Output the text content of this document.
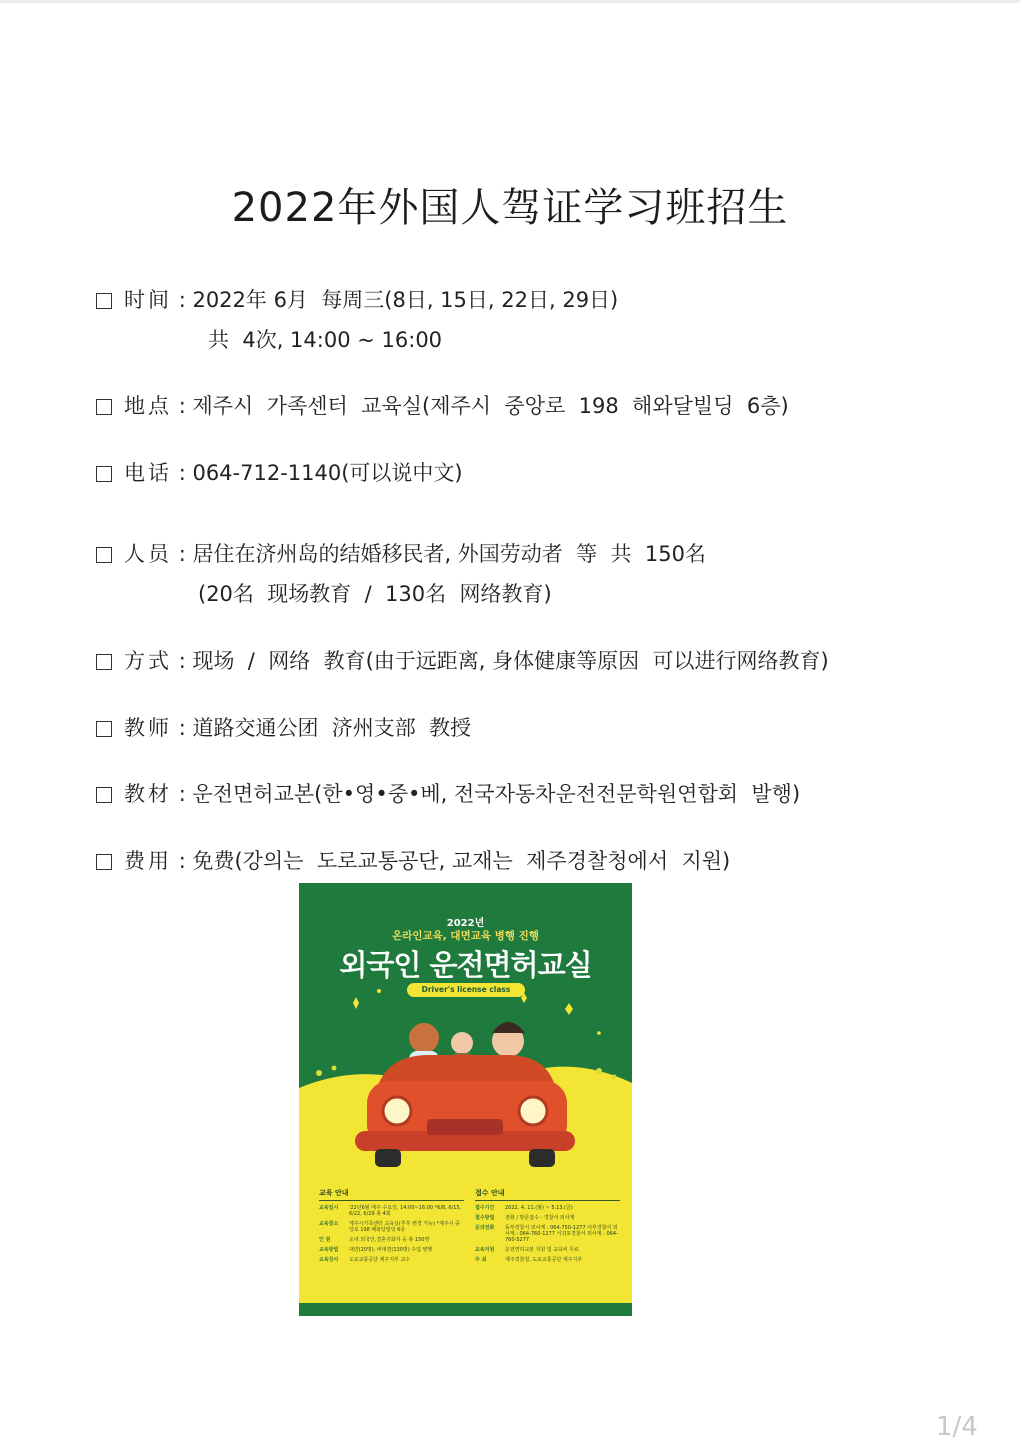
2022年外国人驾证学习班招生
时间 : 2022年 6月  每周三(8日, 15日, 22日, 29日)
共  4次, 14:00 ~ 16:00
地点 : 제주시  가족센터  교육실(제주시  중앙로  198  해와달빌딩  6층)
电话 : 064-712-1140(可以说中文)
人员 : 居住在济州岛的结婚移民者, 外国劳动者  等  共  150名
(20名  现场教育  /  130名  网络教育)
方式 : 现场  /  网络  教育(由于远距离, 身体健康等原因  可以进行网络教育)
教师 : 道路交通公团  济州支部  教授
教材 : 운전면허교본(한•영•중•베, 전국자동차운전전문학원연합회  발행)
费用 : 免费(강의는  도로교통공단, 교재는  제주경찰청에서  지원)
2022년
온라인교육, 대면교육 병행 진행
외국인 운전면허교실
Driver's license class
교육 안내
교육일시	'22년6월 매주 수요일, 14:00~16:00 *6/8, 6/15, 6/22, 6/29 총 4회
교육장소	제주시가족센터 교육실(추후 변경 가능) *제주시 중앙로 198 해와달빌딩 6층
인 원	도내 외국인,결혼귀화자 등 총 150명
교육방법	대면(20명), 비대면(130명) 수업 병행
교육강사	도로교통공단 제주지부 교수
접수 안내
접수기간	2022. 4. 11.(월) ~ 5.13.(금)
접수방법	전화 / 방문접수 - 경찰서 외사계
문의전화	동부경찰서 외사계 : 064-750-1277 서부경찰서 외사계 : 064-760-1277 서귀포경찰서 외사계 : 064-760-5277
교육지원	운전면허교본 지원 및 교육비 무료
주 최	제주경찰청, 도로교통공단 제주지부
1/4
